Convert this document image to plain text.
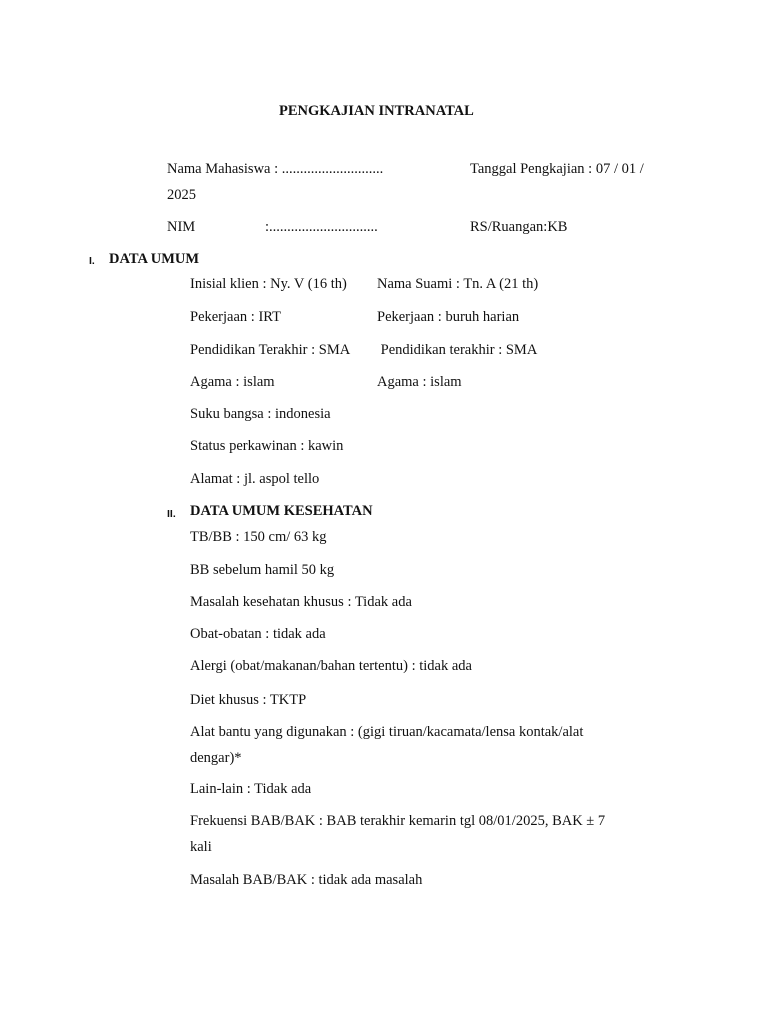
PENGKAJIAN INTRANATAL
Nama Mahasiswa : ............................	Tanggal Pengkajian : 07 / 01 /
2025
NIM	:..............................	RS/Ruangan:KB
I. DATA UMUM
Inisial klien : Ny. V (16 th) Nama Suami : Tn. A (21 th)
Pekerjaan : IRT	Pekerjaan : buruh harian
Pendidikan Terakhir : SMA Pendidikan terakhir : SMA
Agama : islam	Agama : islam
Suku bangsa : indonesia
Status perkawinan : kawin
Alamat : jl. aspol tello
II. DATA UMUM KESEHATAN
TB/BB : 150 cm/ 63 kg
BB sebelum hamil 50 kg
Masalah kesehatan khusus : Tidak ada
Obat-obatan : tidak ada
Alergi (obat/makanan/bahan tertentu) : tidak ada
Diet khusus : TKTP
Alat bantu yang digunakan : (gigi tiruan/kacamata/lensa kontak/alat
dengar)*
Lain-lain : Tidak ada
Frekuensi BAB/BAK : BAB terakhir kemarin tgl 08/01/2025, BAK ± 7
kali
Masalah BAB/BAK : tidak ada masalah
